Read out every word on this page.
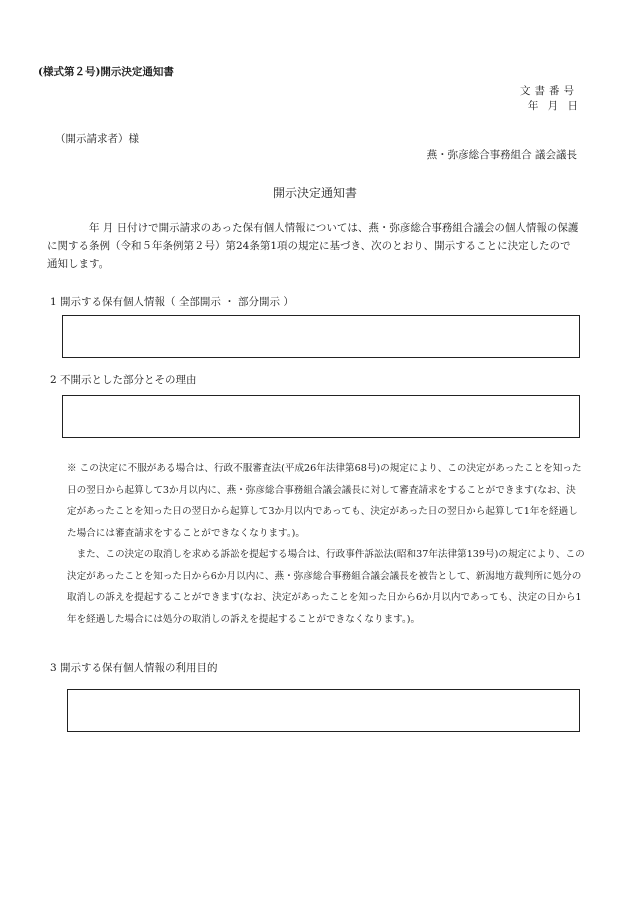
(様式第２号)開示決定通知書
文書番号
年 月 日
（開示請求者）様
燕・弥彦総合事務組合 議会議長
開示決定通知書
年 月 日付けで開示請求のあった保有個人情報については、燕・弥彦総合事務組合議会の個人情報の保護に関する条例（令和５年条例第２号）第24条第1項の規定に基づき、次のとおり、開示することに決定したので通知します。
1 開示する保有個人情報（ 全部開示 ・ 部分開示 ）
2 不開示とした部分とその理由

※ この決定に不服がある場合は、行政不服審査法(平成26年法律第68号)の規定により、この決定があったことを知った日の翌日から起算して3か月以内に、燕・弥彦総合事務組合議会議長に対して審査請求をすることができます(なお、決定があったことを知った日の翌日から起算して3か月以内であっても、決定があった日の翌日から起算して1年を経過した場合には審査請求をすることができなくなります。)。

また、この決定の取消しを求める訴訟を提起する場合は、行政事件訴訟法(昭和37年法律第139号)の規定により、この決定があったことを知った日から6か月以内に、燕・弥彦総合事務組合議会議長を被告として、新潟地方裁判所に処分の取消しの訴えを提起することができます(なお、決定があったことを知った日から6か月以内であっても、決定の日から1年を経過した場合には処分の取消しの訴えを提起することができなくなります。)。

3 開示する保有個人情報の利用目的
